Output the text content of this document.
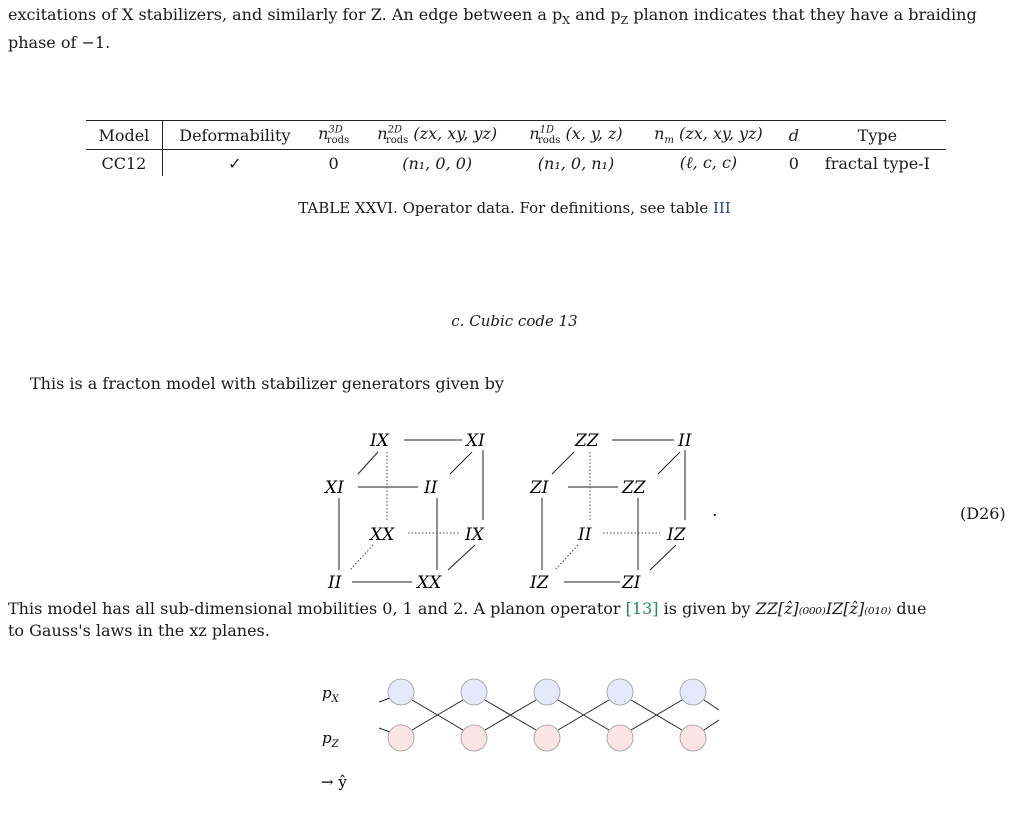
excitations of X stabilizers, and similarly for Z. An edge between a $p_X$ and $p_Z$ planon indicates that they have a braiding
phase of −1.
Model	Deformability	$n^{3D}_{rods}$	$n^{2D}_{rods}$ (zx, xy, yz)	$n^{1D}_{rods}$ (x, y, z)	$n_m$ (zx, xy, yz)	d	Type
CC12	✓	0	(n₁, 0, 0)	(n₁, 0, n₁)	(ℓ, c, c)	0	fractal type-I
TABLE XXVI. Operator data. For definitions, see table III
c. Cubic code 13
This is a fracton model with stabilizer generators given by
IX	XI
XI	II
XX	IX
II	XX
ZZ	II
ZI	ZZ
II	IZ
IZ	ZI
.	(D26)
This model has all sub-dimensional mobilities 0, 1 and 2. A planon operator [13] is given by ZZ[ẑ]₍₀₀₀₎IZ[ẑ]₍₀₁₀₎ due
to Gauss's laws in the xz planes.
$p_X$
$p_Z$
→ ŷ
